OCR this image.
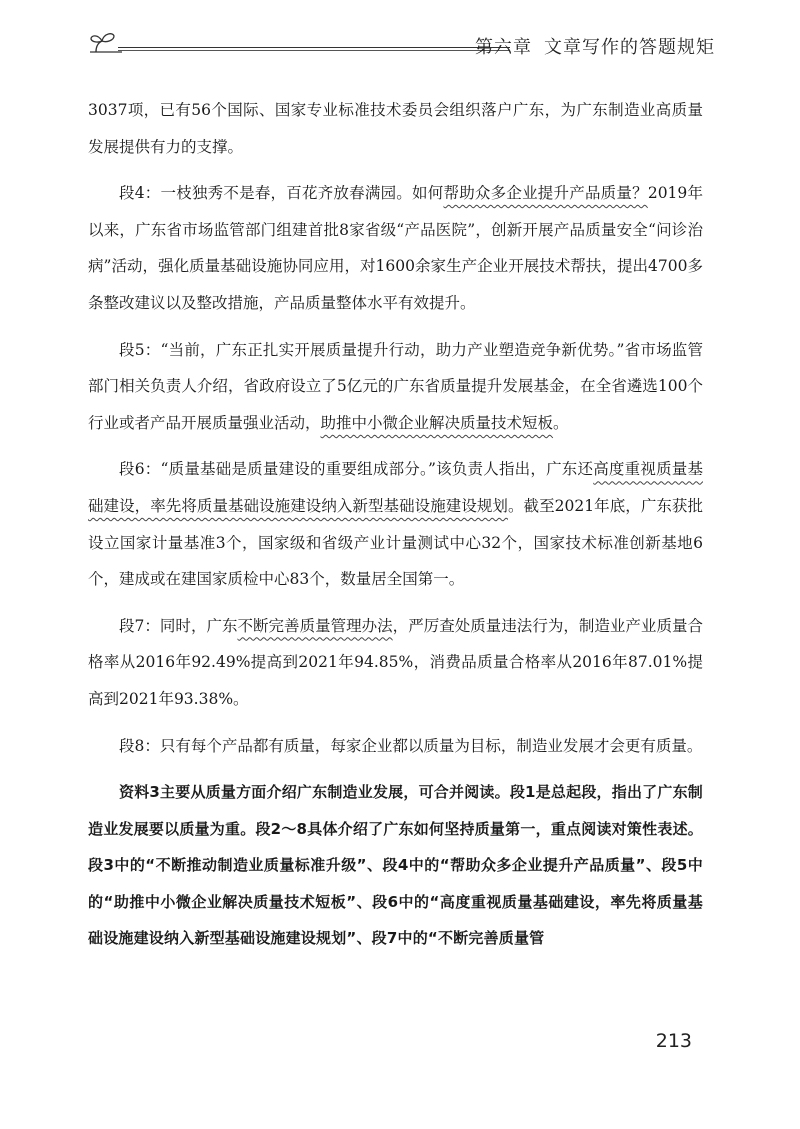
第六章 文章写作的答题规矩

3037项，已有56个国际、国家专业标准技术委员会组织落户广东，为广东制造业高质量发展提供有力的支撑。

段4：一枝独秀不是春，百花齐放春满园。如何帮助众多企业提升产品质量？2019年以来，广东省市场监管部门组建首批8家省级“产品医院”，创新开展产品质量安全“问诊治病”活动，强化质量基础设施协同应用，对1600余家生产企业开展技术帮扶，提出4700多条整改建议以及整改措施，产品质量整体水平有效提升。

段5：“当前，广东正扎实开展质量提升行动，助力产业塑造竞争新优势。”省市场监管部门相关负责人介绍，省政府设立了5亿元的广东省质量提升发展基金，在全省遴选100个行业或者产品开展质量强业活动，助推中小微企业解决质量技术短板。

段6：“质量基础是质量建设的重要组成部分。”该负责人指出，广东还高度重视质量基础建设，率先将质量基础设施建设纳入新型基础设施建设规划。截至2021年底，广东获批设立国家计量基准3个，国家级和省级产业计量测试中心32个，国家技术标准创新基地6个，建成或在建国家质检中心83个，数量居全国第一。

段7：同时，广东不断完善质量管理办法，严厉查处质量违法行为，制造业产业质量合格率从2016年92.49%提高到2021年94.85%，消费品质量合格率从2016年87.01%提高到2021年93.38%。

段8：只有每个产品都有质量，每家企业都以质量为目标，制造业发展才会更有质量。

资料3主要从质量方面介绍广东制造业发展，可合并阅读。段1是总起段，指出了广东制造业发展要以质量为重。段2～8具体介绍了广东如何坚持质量第一，重点阅读对策性表述。段3中的“不断推动制造业质量标准升级”、段4中的“帮助众多企业提升产品质量”、段5中的“助推中小微企业解决质量技术短板”、段6中的“高度重视质量基础建设，率先将质量基础设施建设纳入新型基础设施建设规划”、段7中的“不断完善质量管

213
